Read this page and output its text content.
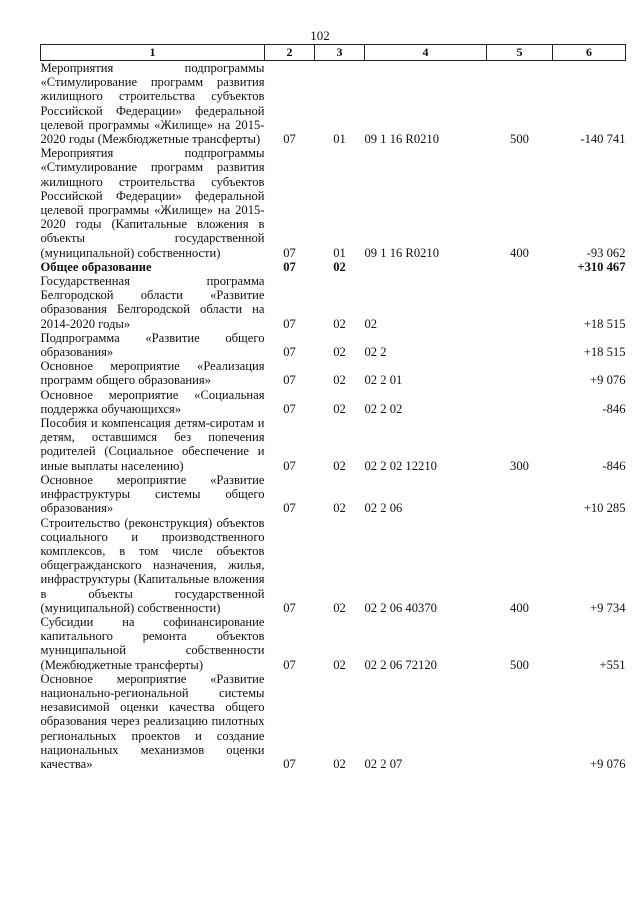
102
1	2	3	4	5	6
Мероприятия подпрограммы «Стимулирование программ развития жилищного строительства субъектов Российской Федерации» федеральной целевой программы «Жилище» на 2015-2020 годы (Межбюджетные трансферты)	07	01	09 1 16 R0210	500	-140 741
Мероприятия подпрограммы «Стимулирование программ развития жилищного строительства субъектов Российской Федерации» федеральной целевой программы «Жилище» на 2015-2020 годы (Капитальные вложения в объекты государственной (муниципальной) собственности)	07	01	09 1 16 R0210	400	-93 062
Общее образование	07	02			+310 467
Государственная программа Белгородской области «Развитие образования Белгородской области на 2014-2020 годы»	07	02	02		+18 515
Подпрограмма «Развитие общего образования»	07	02	02 2		+18 515
Основное мероприятие «Реализация программ общего образования»	07	02	02 2 01		+9 076
Основное мероприятие «Социальная поддержка обучающихся»	07	02	02 2 02		-846
Пособия и компенсация детям-сиротам и детям, оставшимся без попечения родителей (Социальное обеспечение и иные выплаты населению)	07	02	02 2 02 12210	300	-846
Основное мероприятие «Развитие инфраструктуры системы общего образования»	07	02	02 2 06		+10 285
Строительство (реконструкция) объектов социального и производственного комплексов, в том числе объектов общегражданского назначения, жилья, инфраструктуры (Капитальные вложения в объекты государственной (муниципальной) собственности)	07	02	02 2 06 40370	400	+9 734
Субсидии на софинансирование капитального ремонта объектов муниципальной собственности (Межбюджетные трансферты)	07	02	02 2 06 72120	500	+551
Основное мероприятие «Развитие национально-региональной системы независимой оценки качества общего образования через реализацию пилотных региональных проектов и создание национальных механизмов оценки качества»	07	02	02 2 07		+9 076
